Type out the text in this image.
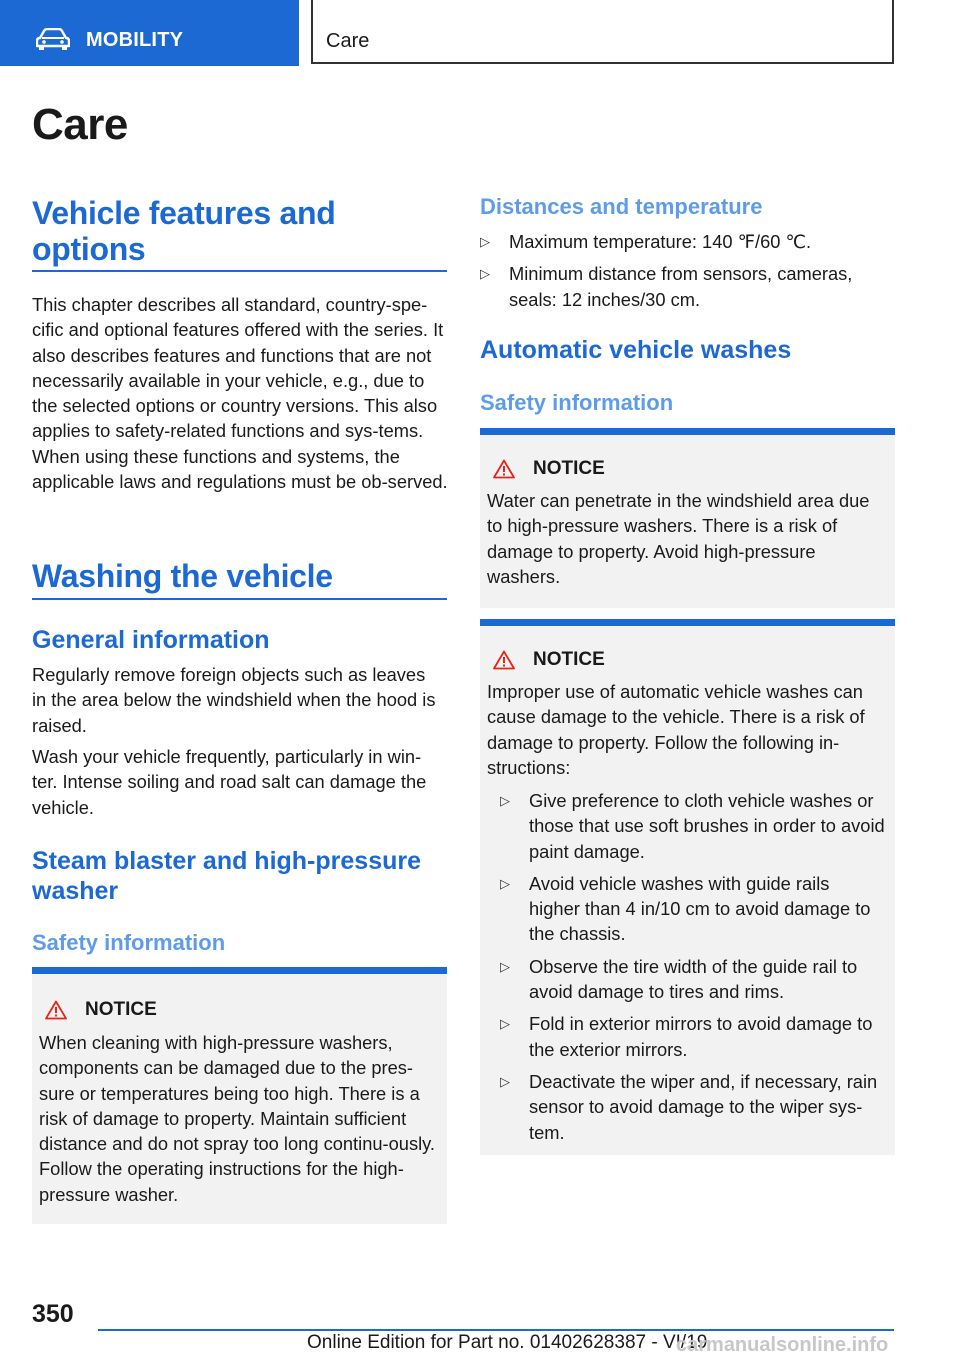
MOBILITY	Care
Care
Vehicle features and options
This chapter describes all standard, country-spe-cific and optional features offered with the series. It also describes features and functions that are not necessarily available in your vehicle, e.g., due to the selected options or country versions. This also applies to safety-related functions and sys-tems. When using these functions and systems, the applicable laws and regulations must be ob-served.
Washing the vehicle
General information
Regularly remove foreign objects such as leaves in the area below the windshield when the hood is raised.
Wash your vehicle frequently, particularly in win-ter. Intense soiling and road salt can damage the vehicle.
Steam blaster and high-pressure washer
Safety information
NOTICE
When cleaning with high-pressure washers, components can be damaged due to the pres-sure or temperatures being too high. There is a risk of damage to property. Maintain sufficient distance and do not spray too long continu-ously. Follow the operating instructions for the high-pressure washer.
Distances and temperature
▷ Maximum temperature: 140 ℉/60 ℃.
▷ Minimum distance from sensors, cameras, seals: 12 inches/30 cm.
Automatic vehicle washes
Safety information
NOTICE
Water can penetrate in the windshield area due to high-pressure washers. There is a risk of damage to property. Avoid high-pressure washers.
NOTICE
Improper use of automatic vehicle washes can cause damage to the vehicle. There is a risk of damage to property. Follow the following in-structions:
▷ Give preference to cloth vehicle washes or those that use soft brushes in order to avoid paint damage.
▷ Avoid vehicle washes with guide rails higher than 4 in/10 cm to avoid damage to the chassis.
▷ Observe the tire width of the guide rail to avoid damage to tires and rims.
▷ Fold in exterior mirrors to avoid damage to the exterior mirrors.
▷ Deactivate the wiper and, if necessary, rain sensor to avoid damage to the wiper sys-tem.
350
Online Edition for Part no. 01402628387 - VI/19
carmanualsonline.info
